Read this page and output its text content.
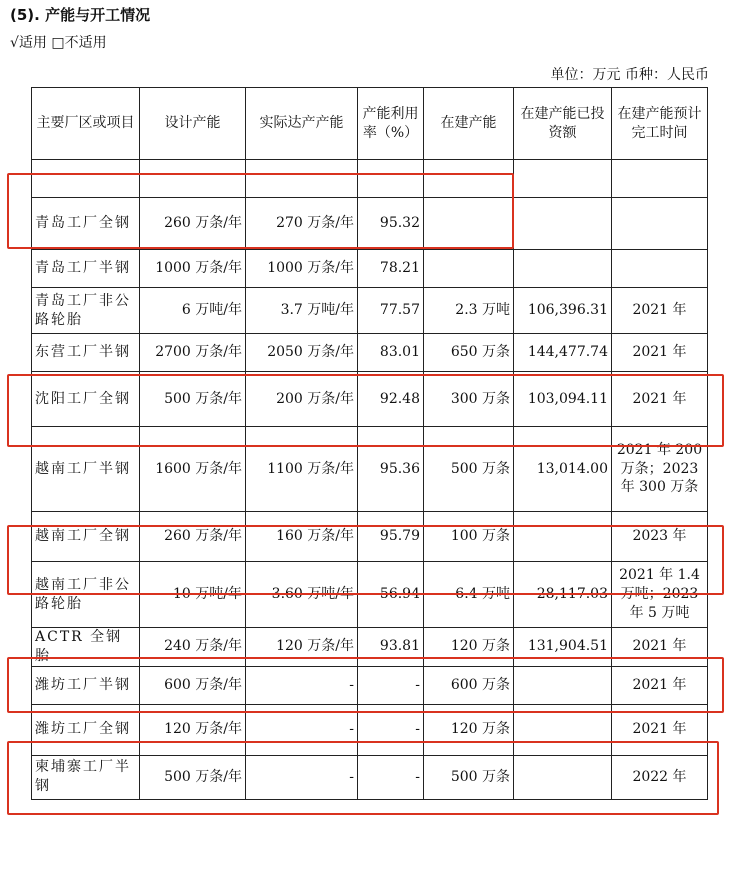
(5). 产能与开工情况
√适用 □不适用
单位：万元 币种：人民币
主要厂区或项目	设计产能	实际达产产能	产能利用率（%）	在建产能	在建产能已投资额	在建产能预计完工时间

青岛工厂全钢	260 万条/年	270 万条/年	95.32			
青岛工厂半钢	1000 万条/年	1000 万条/年	78.21			
青岛工厂非公路轮胎	6 万吨/年	3.7 万吨/年	77.57	2.3 万吨	106,396.31	2021 年
东营工厂半钢	2700 万条/年	2050 万条/年	83.01	650 万条	144,477.74	2021 年
沈阳工厂全钢	500 万条/年	200 万条/年	92.48	300 万条	103,094.11	2021 年
越南工厂半钢	1600 万条/年	1100 万条/年	95.36	500 万条	13,014.00	2021 年 200 万条；2023 年 300 万条
越南工厂全钢	260 万条/年	160 万条/年	95.79	100 万条		2023 年
越南工厂非公路轮胎	10 万吨/年	3.60 万吨/年	56.94	6.4 万吨	28,117.03	2021 年 1.4 万吨；2023 年 5 万吨
ACTR 全钢胎	240 万条/年	120 万条/年	93.81	120 万条	131,904.51	2021 年
潍坊工厂半钢	600 万条/年	-	-	600 万条		2021 年
潍坊工厂全钢	120 万条/年	-	-	120 万条		2021 年
柬埔寨工厂半钢	500 万条/年	-	-	500 万条		2022 年
